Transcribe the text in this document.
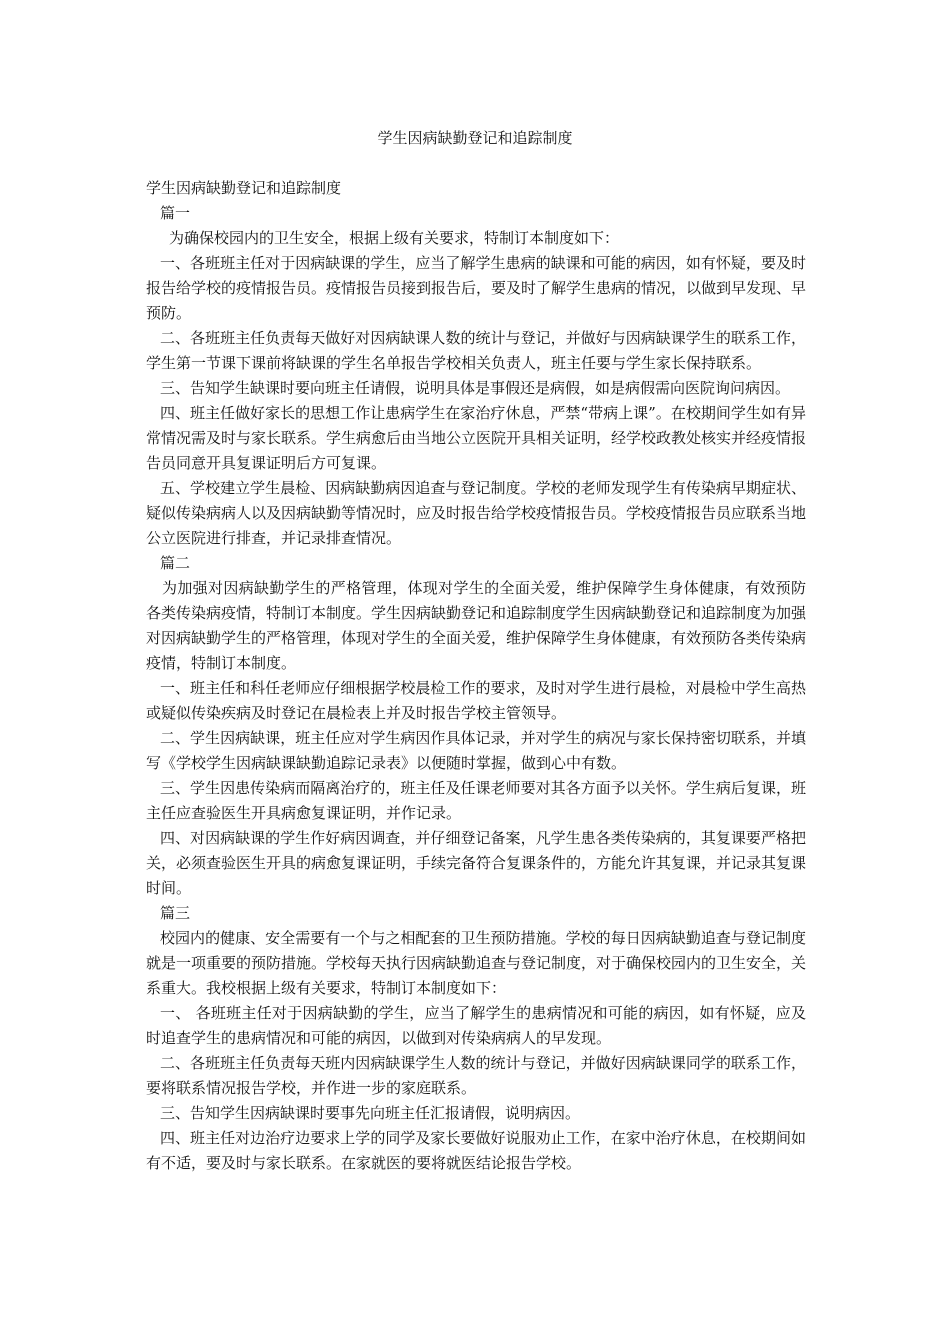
学生因病缺勤登记和追踪制度

学生因病缺勤登记和追踪制度

篇一

为确保校园内的卫生安全，根据上级有关要求，特制订本制度如下：

一、各班班主任对于因病缺课的学生，应当了解学生患病的缺课和可能的病因，如有怀疑，要及时报告给学校的疫情报告员。疫情报告员接到报告后，要及时了解学生患病的情况，以做到早发现、早预防。

二、各班班主任负责每天做好对因病缺课人数的统计与登记，并做好与因病缺课学生的联系工作，学生第一节课下课前将缺课的学生名单报告学校相关负责人，班主任要与学生家长保持联系。

三、告知学生缺课时要向班主任请假，说明具体是事假还是病假，如是病假需向医院询问病因。

四、班主任做好家长的思想工作让患病学生在家治疗休息，严禁“带病上课”。在校期间学生如有异常情况需及时与家长联系。学生病愈后由当地公立医院开具相关证明，经学校政教处核实并经疫情报告员同意开具复课证明后方可复课。

五、学校建立学生晨检、因病缺勤病因追查与登记制度。学校的老师发现学生有传染病早期症状、疑似传染病病人以及因病缺勤等情况时，应及时报告给学校疫情报告员。学校疫情报告员应联系当地公立医院进行排查，并记录排查情况。

篇二

为加强对因病缺勤学生的严格管理，体现对学生的全面关爱，维护保障学生身体健康，有效预防各类传染病疫情，特制订本制度。学生因病缺勤登记和追踪制度学生因病缺勤登记和追踪制度为加强对因病缺勤学生的严格管理，体现对学生的全面关爱，维护保障学生身体健康，有效预防各类传染病疫情，特制订本制度。

一、班主任和科任老师应仔细根据学校晨检工作的要求，及时对学生进行晨检，对晨检中学生高热或疑似传染疾病及时登记在晨检表上并及时报告学校主管领导。

二、学生因病缺课，班主任应对学生病因作具体记录，并对学生的病况与家长保持密切联系，并填写《学校学生因病缺课缺勤追踪记录表》以便随时掌握，做到心中有数。

三、学生因患传染病而隔离治疗的，班主任及任课老师要对其各方面予以关怀。学生病后复课，班主任应查验医生开具病愈复课证明，并作记录。

四、对因病缺课的学生作好病因调查，并仔细登记备案，凡学生患各类传染病的，其复课要严格把关，必须查验医生开具的病愈复课证明，手续完备符合复课条件的，方能允许其复课，并记录其复课时间。

篇三

校园内的健康、安全需要有一个与之相配套的卫生预防措施。学校的每日因病缺勤追查与登记制度就是一项重要的预防措施。学校每天执行因病缺勤追查与登记制度，对于确保校园内的卫生安全，关系重大。我校根据上级有关要求，特制订本制度如下：

一、 各班班主任对于因病缺勤的学生，应当了解学生的患病情况和可能的病因，如有怀疑，应及时追查学生的患病情况和可能的病因，以做到对传染病病人的早发现。

二、各班班主任负责每天班内因病缺课学生人数的统计与登记，并做好因病缺课同学的联系工作，要将联系情况报告学校，并作进一步的家庭联系。

三、告知学生因病缺课时要事先向班主任汇报请假，说明病因。

四、班主任对边治疗边要求上学的同学及家长要做好说服劝止工作，在家中治疗休息，在校期间如有不适，要及时与家长联系。在家就医的要将就医结论报告学校。
